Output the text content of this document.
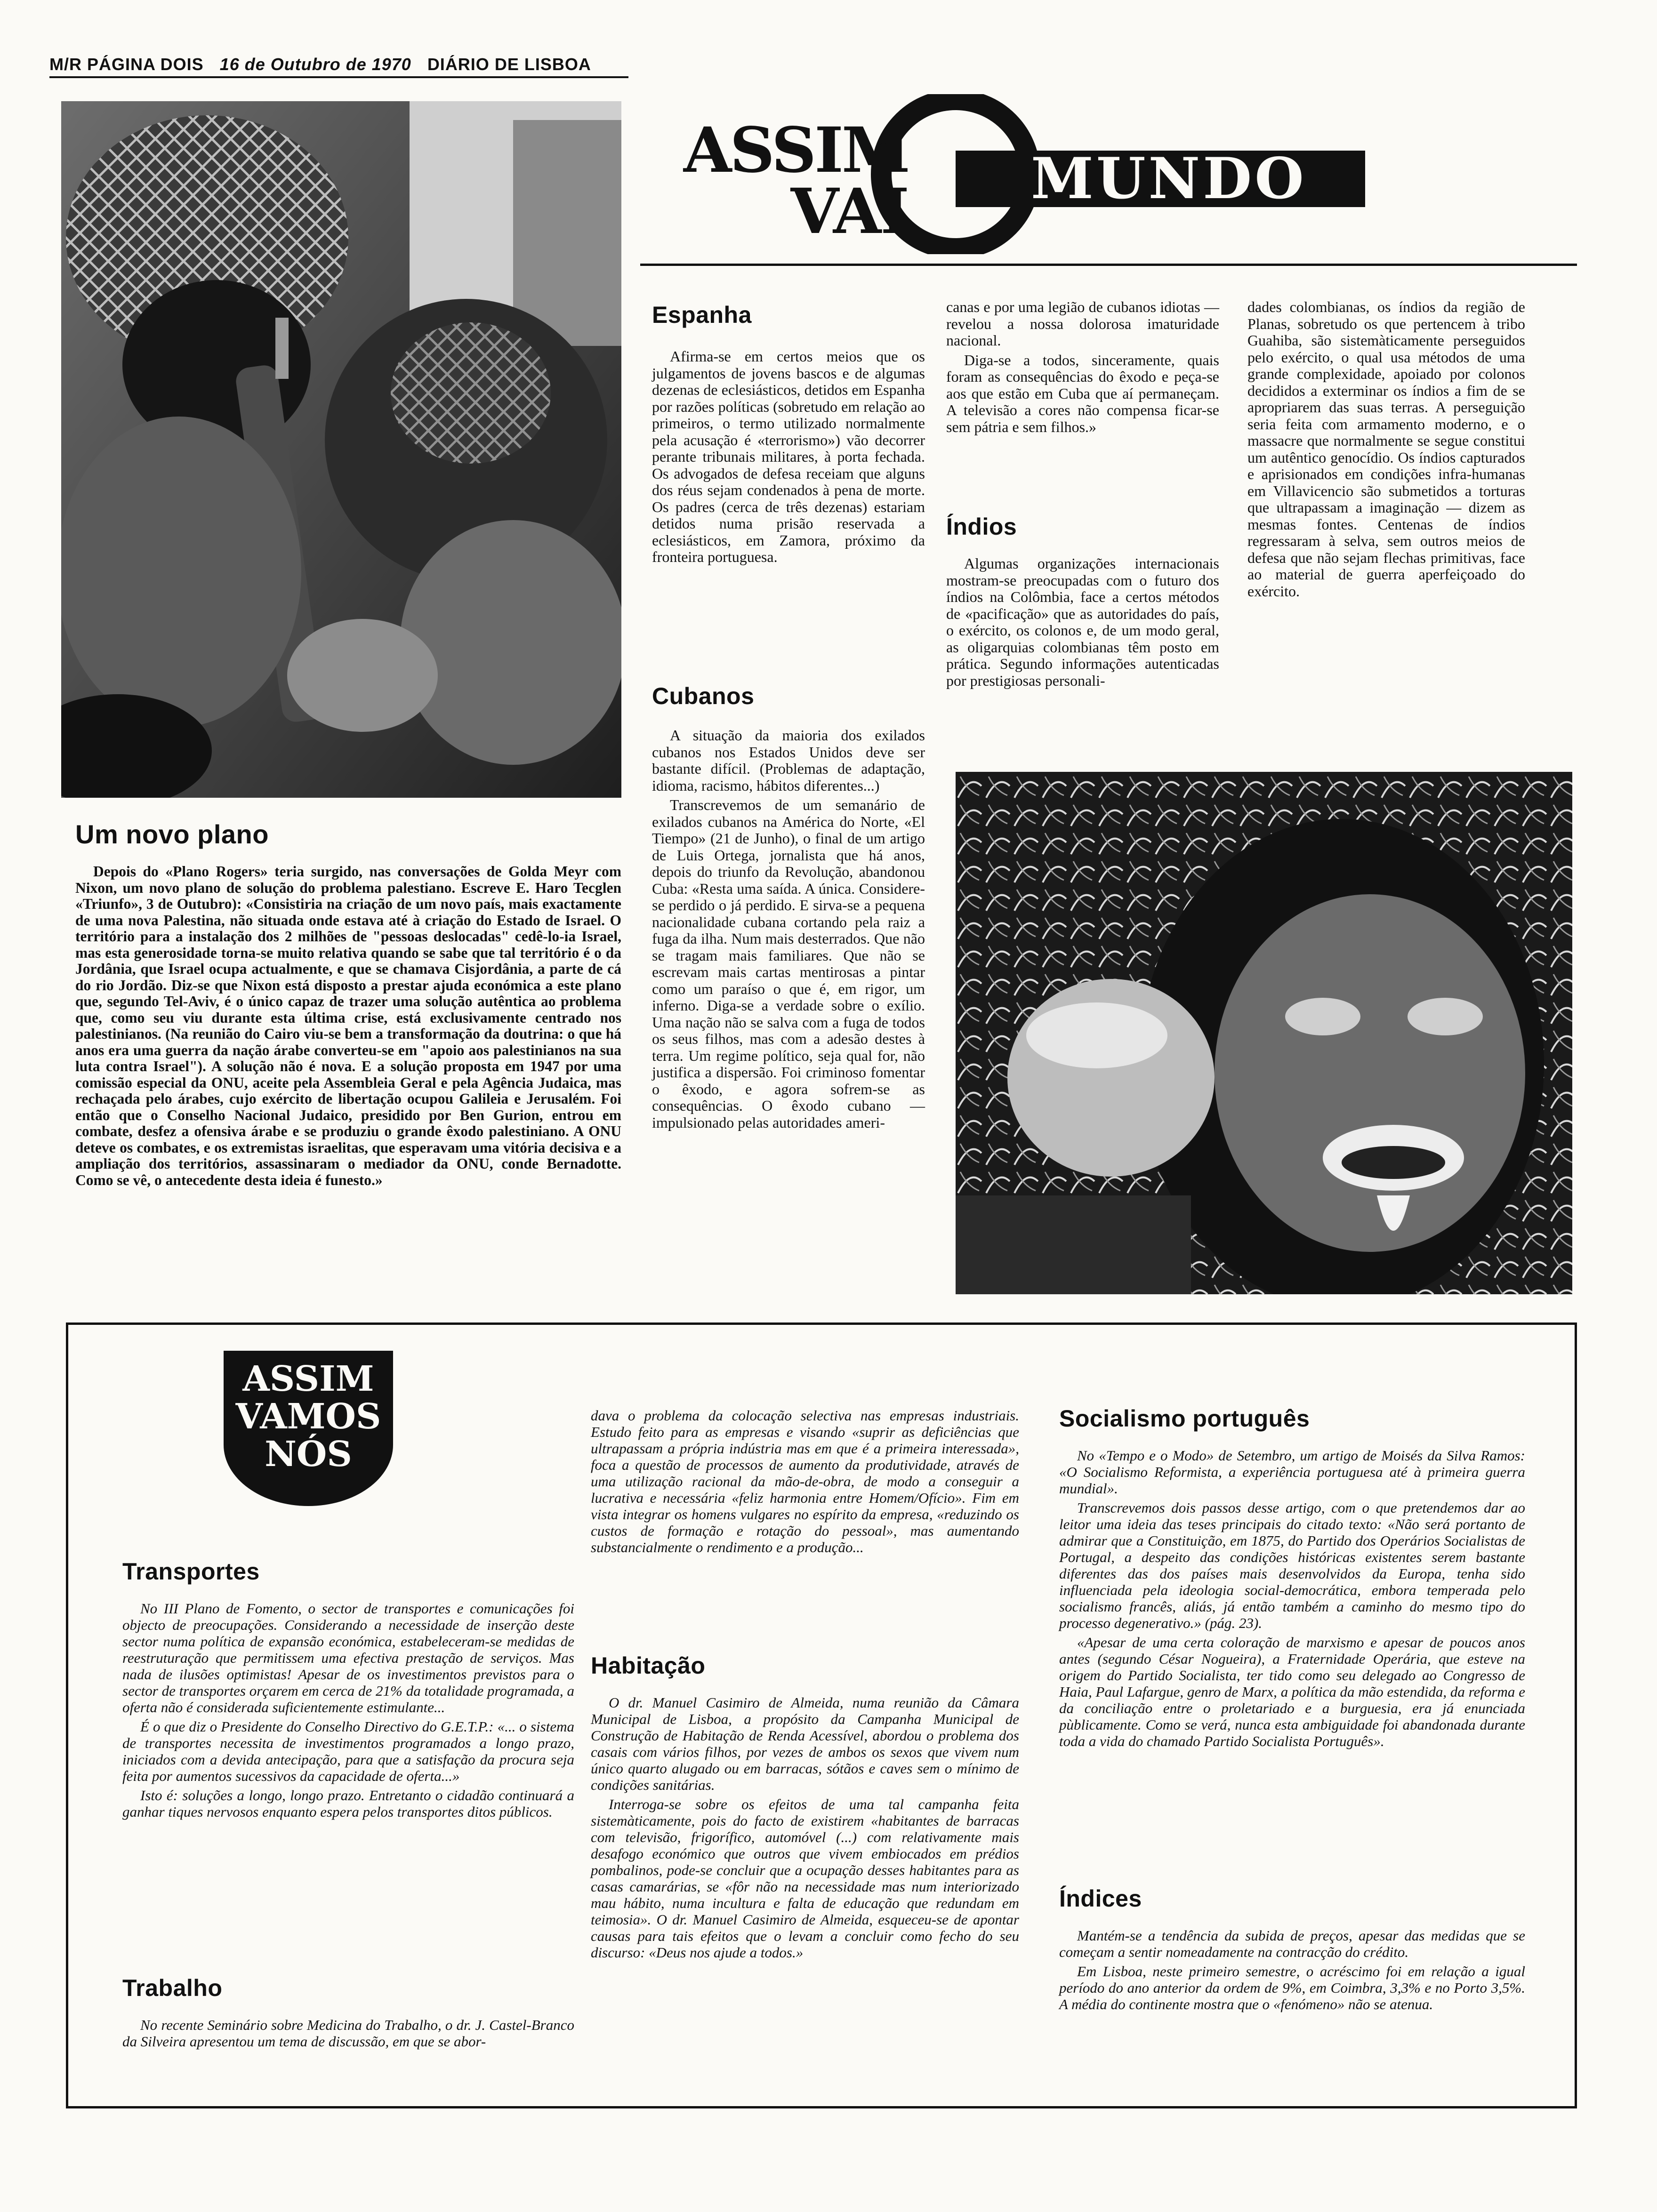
M/R PÁGINA DOIS 16 de Outubro de 1970 DIÁRIO DE LISBOA
ASSIM
VAI MUNDO
Um novo plano

Depois do «Plano Rogers» teria surgido, nas conversações de Golda Meyr com Nixon, um novo plano de solução do problema palestiano. Escreve E. Haro Tecglen «Triunfo», 3 de Outubro): «Consistiria na criação de um novo país, mais exactamente de uma nova Palestina, não situada onde estava até à criação do Estado de Israel. O território para a instalação dos 2 milhões de "pessoas deslocadas" cedê-lo-ia Israel, mas esta generosidade torna-se muito relativa quando se sabe que tal território é o da Jordânia, que Israel ocupa actualmente, e que se chamava Cisjordânia, a parte de cá do rio Jordão. Diz-se que Nixon está disposto a prestar ajuda económica a este plano que, segundo Tel-Aviv, é o único capaz de trazer uma solução autêntica ao problema que, como seu viu durante esta última crise, está exclusivamente centrado nos palestinianos. (Na reunião do Cairo viu-se bem a transformação da doutrina: o que há anos era uma guerra da nação árabe converteu-se em "apoio aos palestinianos na sua luta contra Israel"). A solução não é nova. E a solução proposta em 1947 por uma comissão especial da ONU, aceite pela Assembleia Geral e pela Agência Judaica, mas rechaçada pelo árabes, cujo exército de libertação ocupou Galileia e Jerusalém. Foi então que o Conselho Nacional Judaico, presidido por Ben Gurion, entrou em combate, desfez a ofensiva árabe e se produziu o grande êxodo palestiniano. A ONU deteve os combates, e os extremistas israelitas, que esperavam uma vitória decisiva e a ampliação dos territórios, assassinaram o mediador da ONU, conde Bernadotte. Como se vê, o antecedente desta ideia é funesto.»

Espanha

Afirma-se em certos meios que os julgamentos de jovens bascos e de algumas dezenas de eclesiásticos, detidos em Espanha por razões políticas (sobretudo em relação ao primeiros, o termo utilizado normalmente pela acusação é «terrorismo») vão decorrer perante tribunais militares, à porta fechada. Os advogados de defesa receiam que alguns dos réus sejam condenados à pena de morte. Os padres (cerca de três dezenas) estariam detidos numa prisão reservada a eclesiásticos, em Zamora, próximo da fronteira portuguesa.

Cubanos

A situação da maioria dos exilados cubanos nos Estados Unidos deve ser bastante difícil. (Problemas de adaptação, idioma, racismo, hábitos diferentes...)

Transcrevemos de um semanário de exilados cubanos na América do Norte, «El Tiempo» (21 de Junho), o final de um artigo de Luis Ortega, jornalista que há anos, depois do triunfo da Revolução, abandonou Cuba: «Resta uma saída. A única. Considere-se perdido o já perdido. E sirva-se a pequena nacionalidade cubana cortando pela raiz a fuga da ilha. Num mais desterrados. Que não se tragam mais familiares. Que não se escrevam mais cartas mentirosas a pintar como um paraíso o que é, em rigor, um inferno. Diga-se a verdade sobre o exílio. Uma nação não se salva com a fuga de todos os seus filhos, mas com a adesão destes à terra. Um regime político, seja qual for, não justifica a dispersão. Foi criminoso fomentar o êxodo, e agora sofrem-se as consequências. O êxodo cubano — impulsionado pelas autoridades ameri-

canas e por uma legião de cubanos idiotas — revelou a nossa dolorosa imaturidade nacional.

Diga-se a todos, sinceramente, quais foram as consequências do êxodo e peça-se aos que estão em Cuba que aí permaneçam. A televisão a cores não compensa ficar-se sem pátria e sem filhos.»

Índios

Algumas organizações internacionais mostram-se preocupadas com o futuro dos índios na Colômbia, face a certos métodos de «pacificação» que as autoridades do país, o exército, os colonos e, de um modo geral, as oligarquias colombianas têm posto em prática. Segundo informações autenticadas por prestigiosas personali-

dades colombianas, os índios da região de Planas, sobretudo os que pertencem à tribo Guahiba, são sistemàticamente perseguidos pelo exército, o qual usa métodos de uma grande complexidade, apoiado por colonos decididos a exterminar os índios a fim de se apropriarem das suas terras. A perseguição seria feita com armamento moderno, e o massacre que normalmente se segue constitui um autêntico genocídio. Os índios capturados e aprisionados em condições infra-humanas em Villavicencio são submetidos a torturas que ultrapassam a imaginação — dizem as mesmas fontes. Centenas de índios regressaram à selva, sem outros meios de defesa que não sejam flechas primitivas, face ao material de guerra aperfeiçoado do exército.

ASSIM
VAMOS
NÓS
Transportes

No III Plano de Fomento, o sector de transportes e comunicações foi objecto de preocupações. Considerando a necessidade de inserção deste sector numa política de expansão económica, estabeleceram-se medidas de reestruturação que permitissem uma efectiva prestação de serviços. Mas nada de ilusões optimistas! Apesar de os investimentos previstos para o sector de transportes orçarem em cerca de 21% da totalidade programada, a oferta não é considerada suficientemente estimulante...

É o que diz o Presidente do Conselho Directivo do G.E.T.P.: «... o sistema de transportes necessita de investimentos programados a longo prazo, iniciados com a devida antecipação, para que a satisfação da procura seja feita por aumentos sucessivos da capacidade de oferta...»

Isto é: soluções a longo, longo prazo. Entretanto o cidadão continuará a ganhar tiques nervosos enquanto espera pelos transportes ditos públicos.

Trabalho

No recente Seminário sobre Medicina do Trabalho, o dr. J. Castel-Branco da Silveira apresentou um tema de discussão, em que se abor-

dava o problema da colocação selectiva nas empresas industriais. Estudo feito para as empresas e visando «suprir as deficiências que ultrapassam a própria indústria mas em que é a primeira interessada», foca a questão de processos de aumento da produtividade, através de uma utilização racional da mão-de-obra, de modo a conseguir a lucrativa e necessária «feliz harmonia entre Homem/Ofício». Fim em vista integrar os homens vulgares no espírito da empresa, «reduzindo os custos de formação e rotação do pessoal», mas aumentando substancialmente o rendimento e a produção...

Habitação

O dr. Manuel Casimiro de Almeida, numa reunião da Câmara Municipal de Lisboa, a propósito da Campanha Municipal de Construção de Habitação de Renda Acessível, abordou o problema dos casais com vários filhos, por vezes de ambos os sexos que vivem num único quarto alugado ou em barracas, sótãos e caves sem o mínimo de condições sanitárias.

Interroga-se sobre os efeitos de uma tal campanha feita sistemàticamente, pois do facto de existirem «habitantes de barracas com televisão, frigorífico, automóvel (...) com relativamente mais desafogo económico que outros que vivem embiocados em prédios pombalinos, pode-se concluir que a ocupação desses habitantes para as casas camarárias, se «fôr não na necessidade mas num interiorizado mau hábito, numa incultura e falta de educação que redundam em teimosia». O dr. Manuel Casimiro de Almeida, esqueceu-se de apontar causas para tais efeitos que o levam a concluir como fecho do seu discurso: «Deus nos ajude a todos.»

Socialismo português

No «Tempo e o Modo» de Setembro, um artigo de Moisés da Silva Ramos: «O Socialismo Reformista, a experiência portuguesa até à primeira guerra mundial».

Transcrevemos dois passos desse artigo, com o que pretendemos dar ao leitor uma ideia das teses principais do citado texto: «Não será portanto de admirar que a Constituição, em 1875, do Partido dos Operários Socialistas de Portugal, a despeito das condições históricas existentes serem bastante diferentes das dos países mais desenvolvidos da Europa, tenha sido influenciada pela ideologia social-democrática, embora temperada pelo socialismo francês, aliás, já então também a caminho do mesmo tipo do processo degenerativo.» (pág. 23).

«Apesar de uma certa coloração de marxismo e apesar de poucos anos antes (segundo César Nogueira), a Fraternidade Operária, que esteve na origem do Partido Socialista, ter tido como seu delegado ao Congresso de Haia, Paul Lafargue, genro de Marx, a política da mão estendida, da reforma e da conciliação entre o proletariado e a burguesia, era já enunciada pùblicamente. Como se verá, nunca esta ambiguidade foi abandonada durante toda a vida do chamado Partido Socialista Português».

Índices

Mantém-se a tendência da subida de preços, apesar das medidas que se começam a sentir nomeadamente na contracção do crédito.

Em Lisboa, neste primeiro semestre, o acréscimo foi em relação a igual período do ano anterior da ordem de 9%, em Coimbra, 3,3% e no Porto 3,5%. A média do continente mostra que o «fenómeno» não se atenua.
